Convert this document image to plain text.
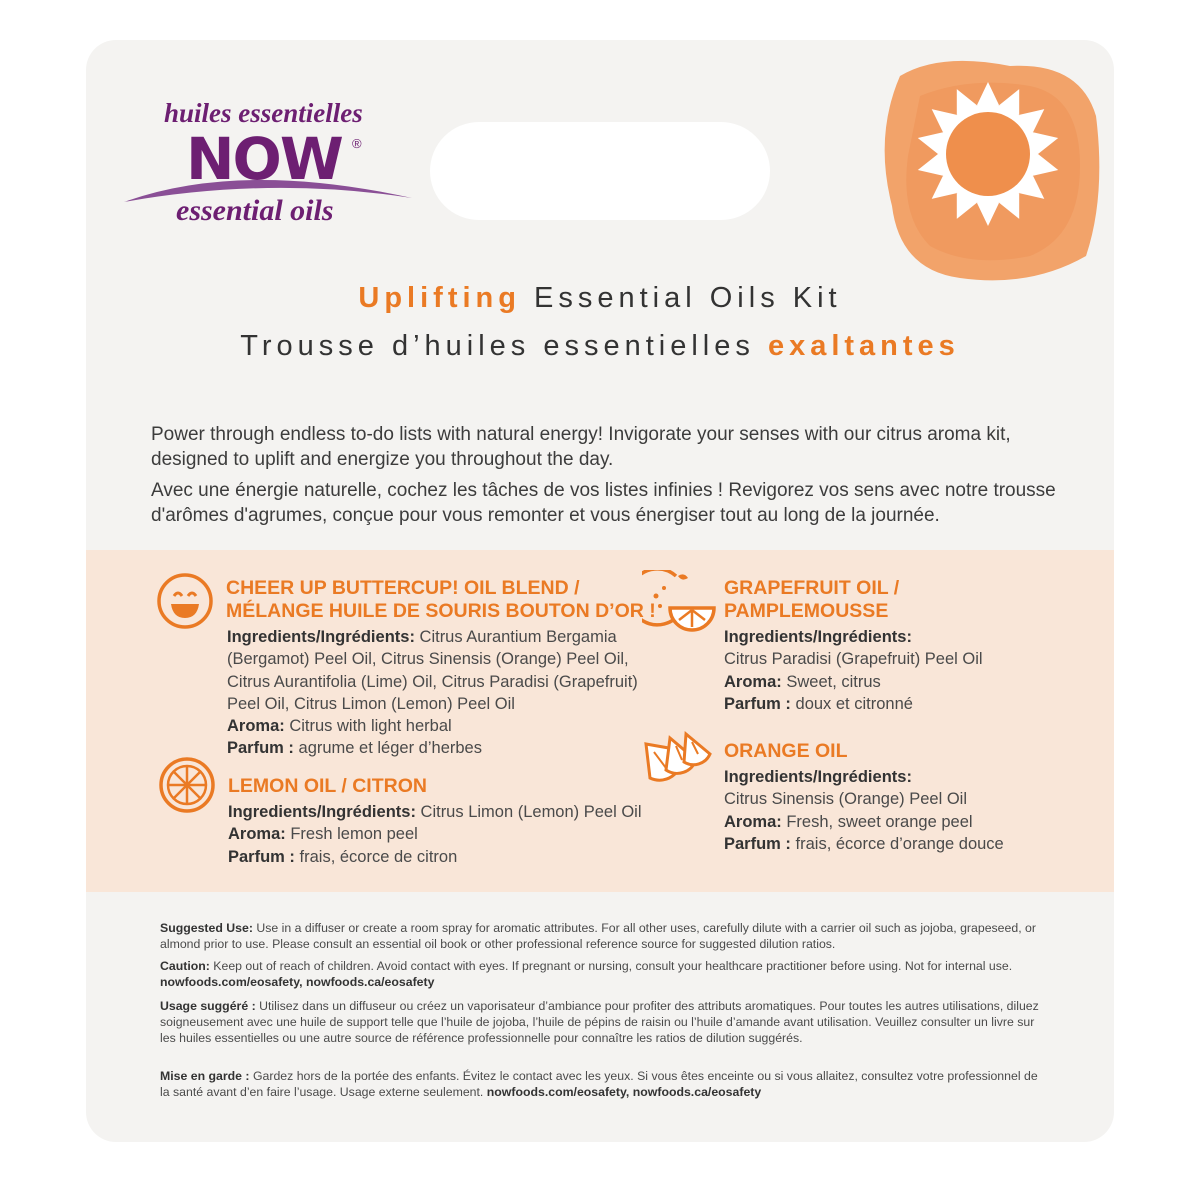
huiles essentielles
NOW ®
essential oils
Uplifting Essential Oils Kit
Trousse d’huiles essentielles exaltantes
Power through endless to-do lists with natural energy! Invigorate your senses with our citrus aroma kit, designed to uplift and energize you throughout the day.
Avec une énergie naturelle, cochez les tâches de vos listes infinies ! Revigorez vos sens avec notre trousse d'arômes d'agrumes, conçue pour vous remonter et vous énergiser tout au long de la journée.
CHEER UP BUTTERCUP! OIL BLEND /
MÉLANGE HUILE DE SOURIS BOUTON D’OR !
Ingredients/Ingrédients: Citrus Aurantium Bergamia
(Bergamot) Peel Oil, Citrus Sinensis (Orange) Peel Oil,
Citrus Aurantifolia (Lime) Oil, Citrus Paradisi (Grapefruit)
Peel Oil, Citrus Limon (Lemon) Peel Oil
Aroma: Citrus with light herbal
Parfum : agrume et léger d’herbes
LEMON OIL / CITRON
Ingredients/Ingrédients: Citrus Limon (Lemon) Peel Oil
Aroma: Fresh lemon peel
Parfum : frais, écorce de citron
GRAPEFRUIT OIL /
PAMPLEMOUSSE
Ingredients/Ingrédients:
Citrus Paradisi (Grapefruit) Peel Oil
Aroma: Sweet, citrus
Parfum : doux et citronné
ORANGE OIL
Ingredients/Ingrédients:
Citrus Sinensis (Orange) Peel Oil
Aroma: Fresh, sweet orange peel
Parfum : frais, écorce d’orange douce
Suggested Use: Use in a diffuser or create a room spray for aromatic attributes. For all other uses, carefully dilute with a carrier oil such as jojoba, grapeseed, or almond prior to use. Please consult an essential oil book or other professional reference source for suggested dilution ratios.
Caution: Keep out of reach of children. Avoid contact with eyes. If pregnant or nursing, consult your healthcare practitioner before using. Not for internal use. nowfoods.com/eosafety, nowfoods.ca/eosafety
Usage suggéré : Utilisez dans un diffuseur ou créez un vaporisateur d’ambiance pour profiter des attributs aromatiques. Pour toutes les autres utilisations, diluez soigneusement avec une huile de support telle que l’huile de jojoba, l’huile de pépins de raisin ou l’huile d’amande avant utilisation. Veuillez consulter un livre sur les huiles essentielles ou une autre source de référence professionnelle pour connaître les ratios de dilution suggérés.
Mise en garde : Gardez hors de la portée des enfants. Évitez le contact avec les yeux. Si vous êtes enceinte ou si vous allaitez, consultez votre professionnel de la santé avant d’en faire l’usage. Usage externe seulement. nowfoods.com/eosafety, nowfoods.ca/eosafety
